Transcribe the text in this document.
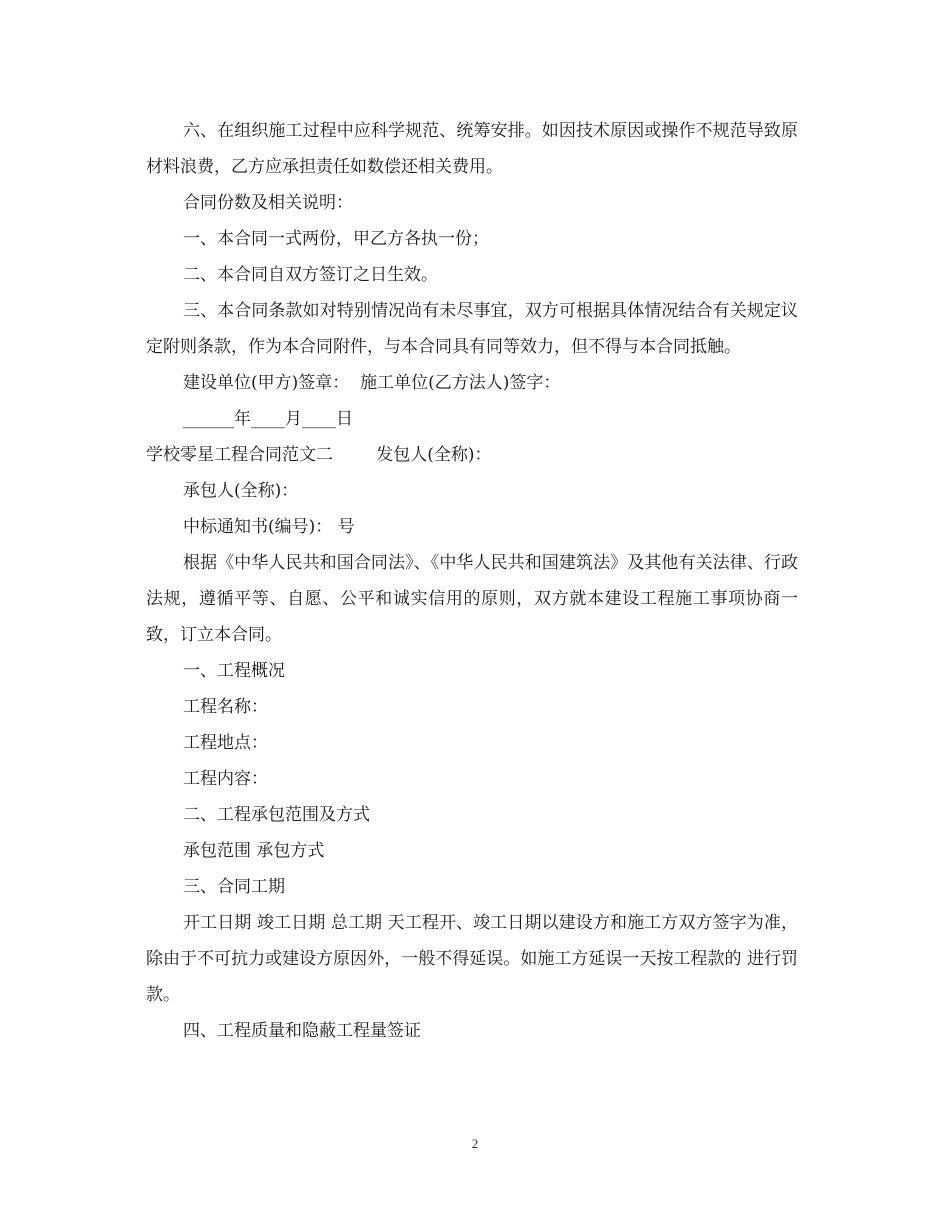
六、在组织施工过程中应科学规范、统筹安排。如因技术原因或操作不规范导致原材料浪费，乙方应承担责任如数偿还相关费用。

合同份数及相关说明：

一、本合同一式两份，甲乙方各执一份；

二、本合同自双方签订之日生效。

三、本合同条款如对特别情况尚有未尽事宜，双方可根据具体情况结合有关规定议定附则条款，作为本合同附件，与本合同具有同等效力，但不得与本合同抵触。

建设单位(甲方)签章：  施工单位(乙方法人)签字：

______年____月____日

学校零星工程合同范文二        发包人(全称)：

承包人(全称)：

中标通知书(编号)： 号

根据《中华人民共和国合同法》、《中华人民共和国建筑法》及其他有关法律、行政法规，遵循平等、自愿、公平和诚实信用的原则，双方就本建设工程施工事项协商一致，订立本合同。

一、工程概况

工程名称：

工程地点：

工程内容：

二、工程承包范围及方式

承包范围 承包方式

三、合同工期

开工日期 竣工日期 总工期 天工程开、竣工日期以建设方和施工方双方签字为准，除由于不可抗力或建设方原因外，一般不得延误。如施工方延误一天按工程款的 进行罚款。

四、工程质量和隐蔽工程量签证

2
